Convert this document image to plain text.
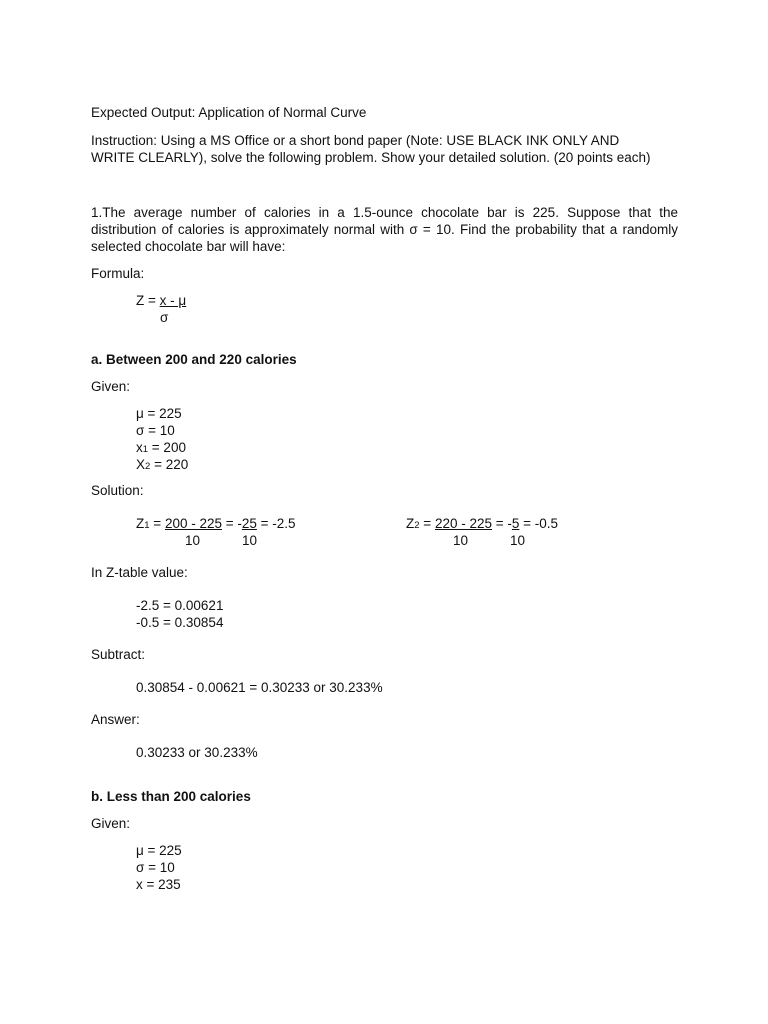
Expected Output: Application of Normal Curve
Instruction: Using a MS Office or a short bond paper (Note: USE BLACK INK ONLY AND
WRITE CLEARLY), solve the following problem. Show your detailed solution. (20 points each)
1.The average number of calories in a 1.5-ounce chocolate bar is 225. Suppose that the
distribution of calories is approximately normal with σ = 10. Find the probability that a randomly
selected chocolate bar will have:
Formula:
Z = x - μ
σ
a. Between 200 and 220 calories
Given:
μ = 225
σ = 10
x1 = 200
X2 = 220
Solution:
Z1 = 200 - 225 = -25 = -2.5
10	10
Z2 = 220 - 225 = -5 = -0.5
10	10
In Z-table value:
-2.5 = 0.00621
-0.5 = 0.30854
Subtract:
0.30854 - 0.00621 = 0.30233 or 30.233%
Answer:
0.30233 or 30.233%
b. Less than 200 calories
Given:
μ = 225
σ = 10
x = 235
